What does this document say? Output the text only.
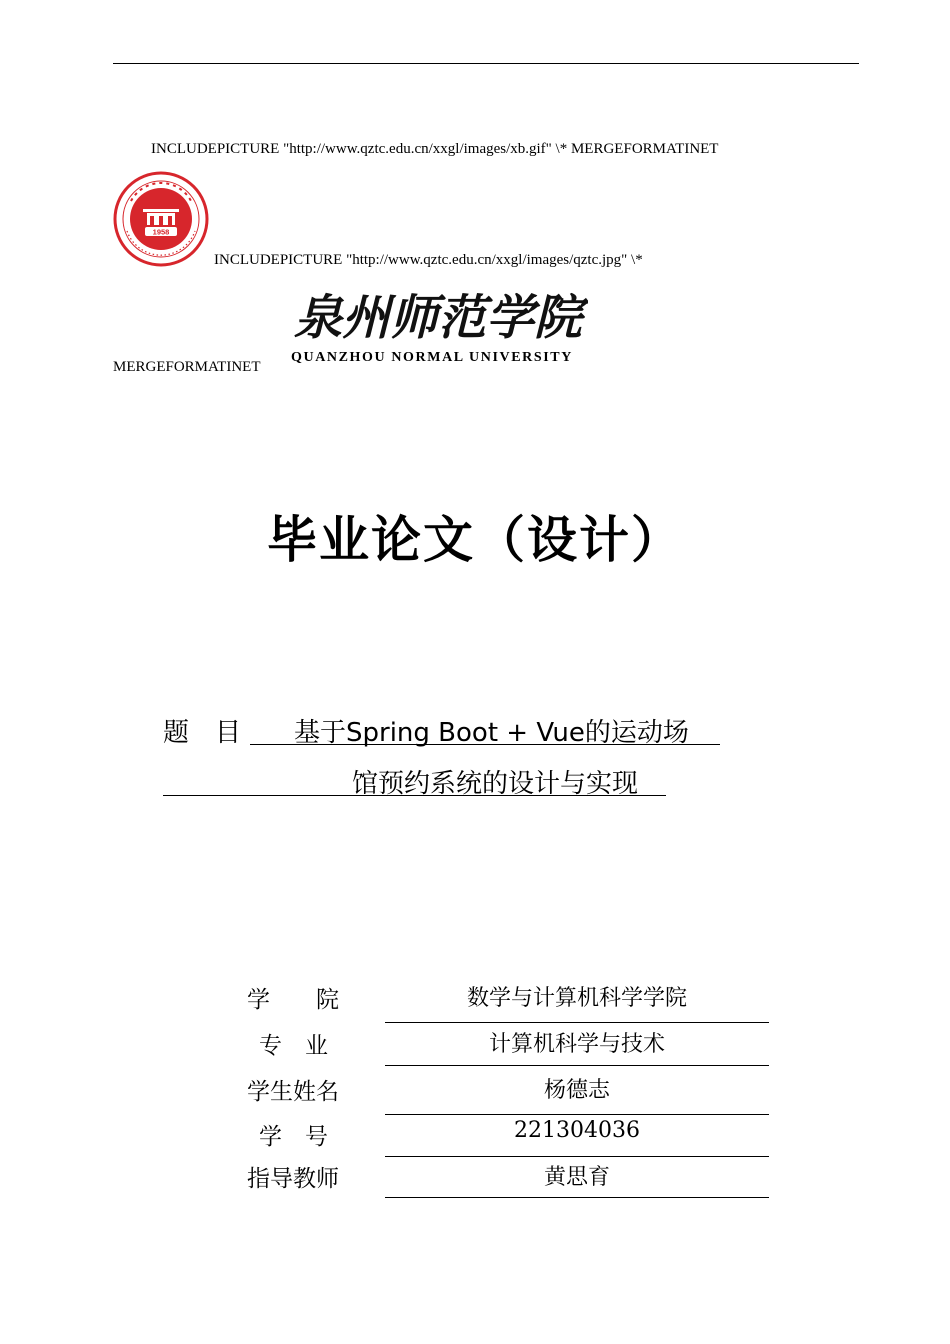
INCLUDEPICTURE "http://www.qztc.edu.cn/xxgl/images/xb.gif" \* MERGEFORMATINET
1958
INCLUDEPICTURE "http://www.qztc.edu.cn/xxgl/images/qztc.jpg" \*
泉州师范学院
QUANZHOU NORMAL UNIVERSITY
MERGEFORMATINET
毕业论文（设计）
题　目 基于Spring Boot + Vue的运动场
馆预约系统的设计与实现
学　　院	数学与计算机科学学院
专　业	计算机科学与技术
学生姓名	杨德志
学　号	221304036
指导教师	黄思育
